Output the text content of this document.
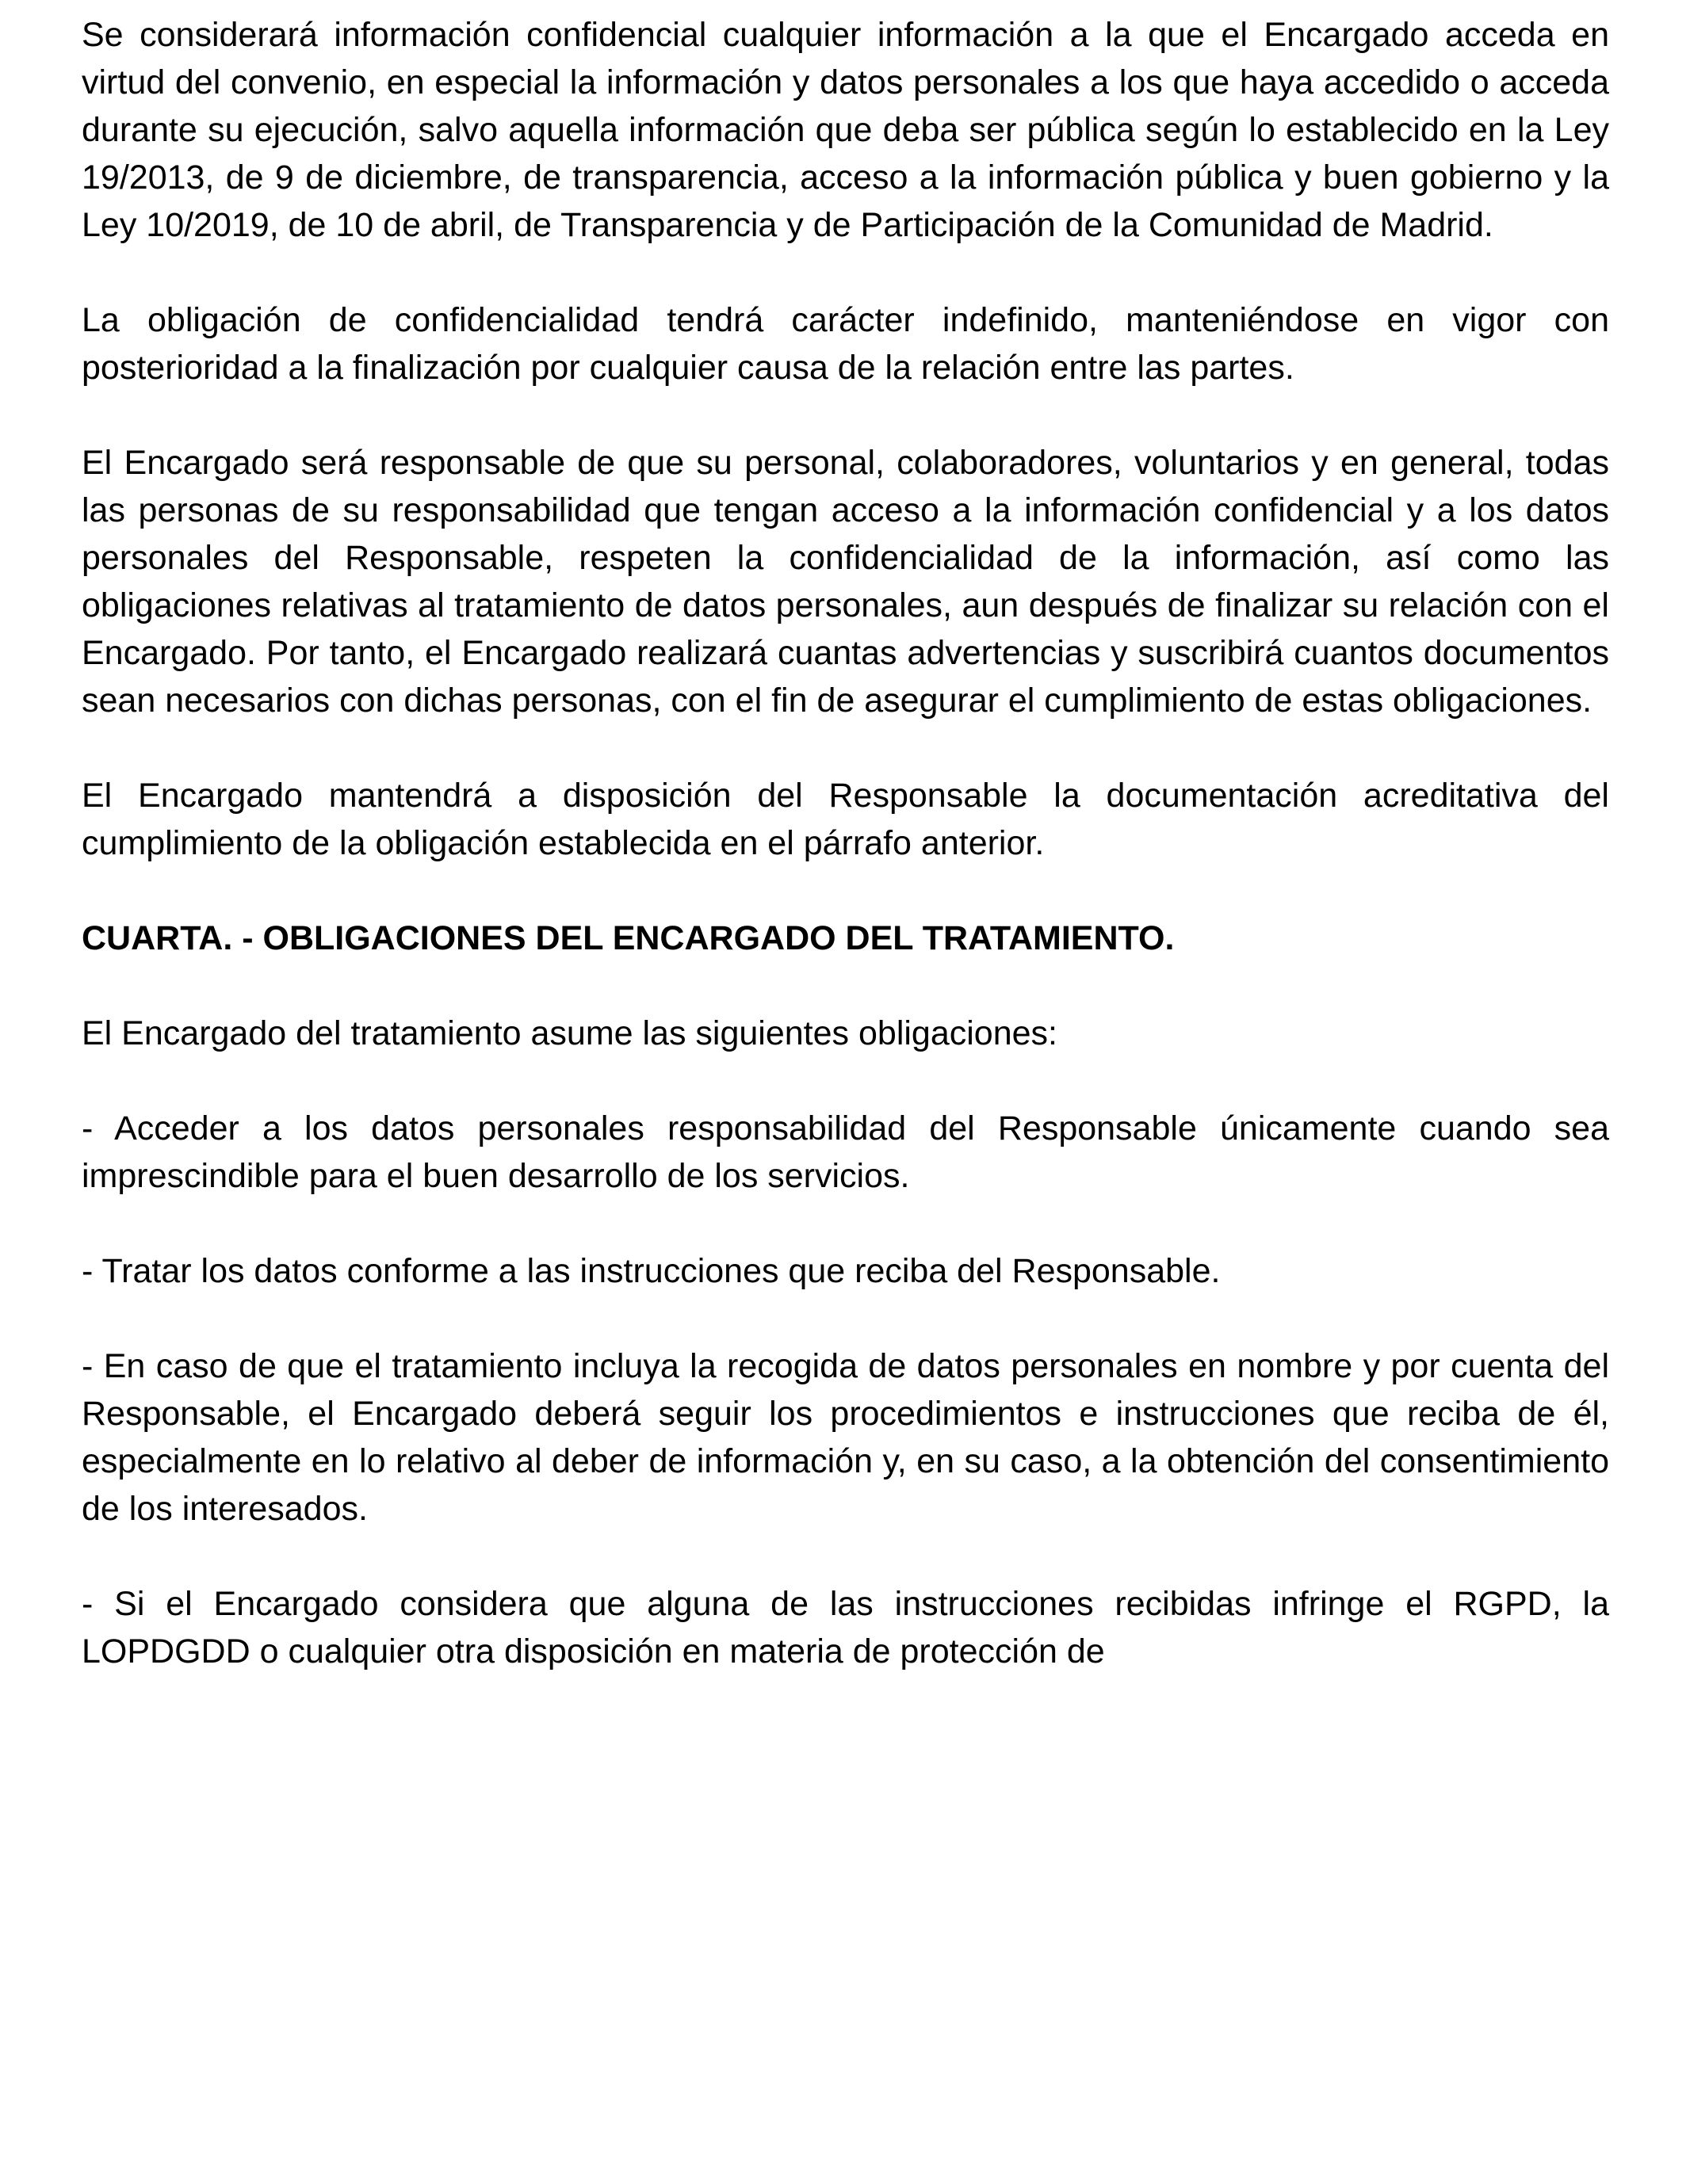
Se considerará información confidencial cualquier información a la que el Encargado acceda en virtud del convenio, en especial la información y datos personales a los que haya accedido o acceda durante su ejecución, salvo aquella información que deba ser pública según lo establecido en la Ley 19/2013, de 9 de diciembre, de transparencia, acceso a la información pública y buen gobierno y la Ley 10/2019, de 10 de abril, de Transparencia y de Participación de la Comunidad de Madrid.

La obligación de confidencialidad tendrá carácter indefinido, manteniéndose en vigor con posterioridad a la finalización por cualquier causa de la relación entre las partes.

El Encargado será responsable de que su personal, colaboradores, voluntarios y en general, todas las personas de su responsabilidad que tengan acceso a la información confidencial y a los datos personales del Responsable, respeten la confidencialidad de la información, así como las obligaciones relativas al tratamiento de datos personales, aun después de finalizar su relación con el Encargado. Por tanto, el Encargado realizará cuantas advertencias y suscribirá cuantos documentos sean necesarios con dichas personas, con el fin de asegurar el cumplimiento de estas obligaciones.

El Encargado mantendrá a disposición del Responsable la documentación acreditativa del cumplimiento de la obligación establecida en el párrafo anterior.

CUARTA. - OBLIGACIONES DEL ENCARGADO DEL TRATAMIENTO.

El Encargado del tratamiento asume las siguientes obligaciones:

- Acceder a los datos personales responsabilidad del Responsable únicamente cuando sea imprescindible para el buen desarrollo de los servicios.

- Tratar los datos conforme a las instrucciones que reciba del Responsable.

- En caso de que el tratamiento incluya la recogida de datos personales en nombre y por cuenta del Responsable, el Encargado deberá seguir los procedimientos e instrucciones que reciba de él, especialmente en lo relativo al deber de información y, en su caso, a la obtención del consentimiento de los interesados.

- Si el Encargado considera que alguna de las instrucciones recibidas infringe el RGPD, la LOPDGDD o cualquier otra disposición en materia de protección de
